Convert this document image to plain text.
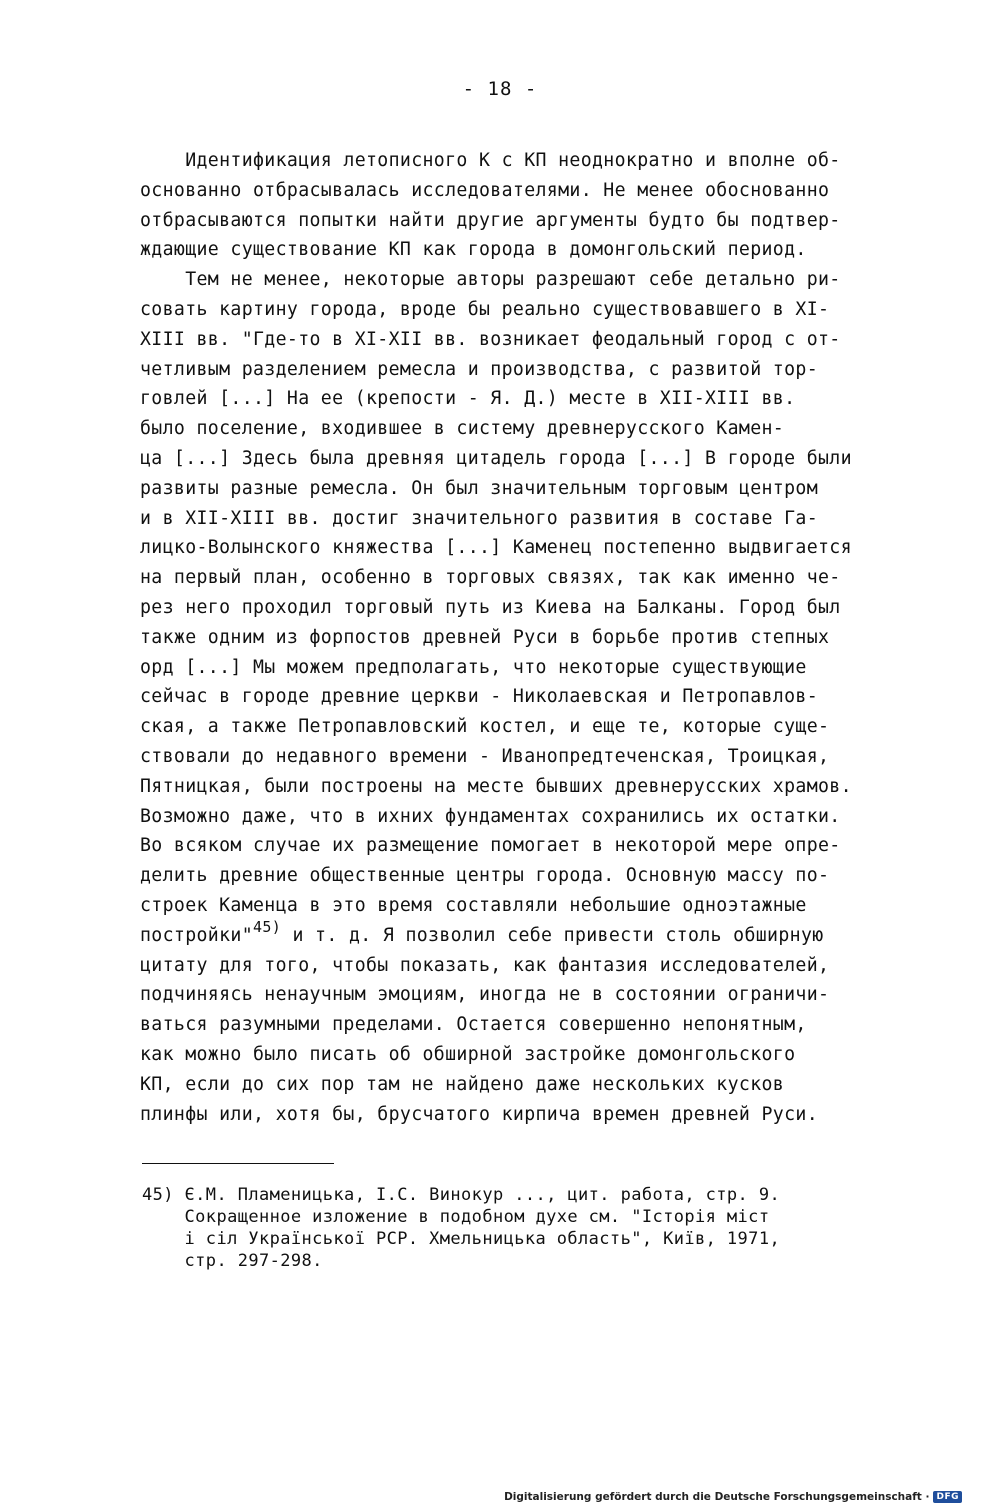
- 18 -
Идентификация летописного К с КП неоднократно и вполне об-
основанно отбрасывалась исследователями. Не менее обоснованно
отбрасываются попытки найти другие аргументы будто бы подтвер-
ждающие существование КП как города в домонгольский период.
Тем не менее, некоторые авторы разрешают себе детально ри-
совать картину города, вроде бы реально существовавшего в XI-
XIII вв. "Где-то в XI-XII вв. возникает феодальный город с от-
четливым разделением ремесла и производства, с развитой тор-
говлей [...] На ее (крепости - Я. Д.) месте в XII-XIII вв.
было поселение, входившее в систему древнерусского Камен-
ца [...] Здесь была древняя цитадель города [...] В городе были
развиты разные ремесла. Он был значительным торговым центром
и в XII-XIII вв. достиг значительного развития в составе Га-
лицко-Волынского княжества [...] Каменец постепенно выдвигается
на первый план, особенно в торговых связях, так как именно че-
рез него проходил торговый путь из Киева на Балканы. Город был
также одним из форпостов древней Руси в борьбе против степных
орд [...] Мы можем предполагать, что некоторые существующие
сейчас в городе древние церкви - Николаевская и Петропавлов-
ская, а также Петропавловский костел, и еще те, которые суще-
ствовали до недавного времени - Иванопредтеченская, Троицкая,
Пятницкая, были построены на месте бывших древнерусских храмов.
Возможно даже, что в ихних фундаментах сохранились их остатки.
Во всяком случае их размещение помогает в некоторой мере опре-
делить древние общественные центры города. Основную массу по-
строек Каменца в это время составляли небольшие одноэтажные
постройки"$^{45)}$ и т. д. Я позволил себе привести столь обширную
цитату для того, чтобы показать, как фантазия исследователей,
подчиняясь ненаучным эмоциям, иногда не в состоянии ограничи-
ваться разумными пределами. Остается совершенно непонятным,
как можно было писать об обширной застройке домонгольского
КП, если до сих пор там не найдено даже нескольких кусков
плинфы или, хотя бы, брусчатого кирпича времен древней Руси.
45) Є.М. Пламеницька, І.С. Винокур ..., цит. работа, стр. 9.
Сокращенное изложение в подобном духе см. "Історія міст
і сіл Української РСР. Хмельницька область", Київ, 1971,
стр. 297-298.
Digitalisierung gefördert durch die Deutsche Forschungsgemeinschaft · DFG
